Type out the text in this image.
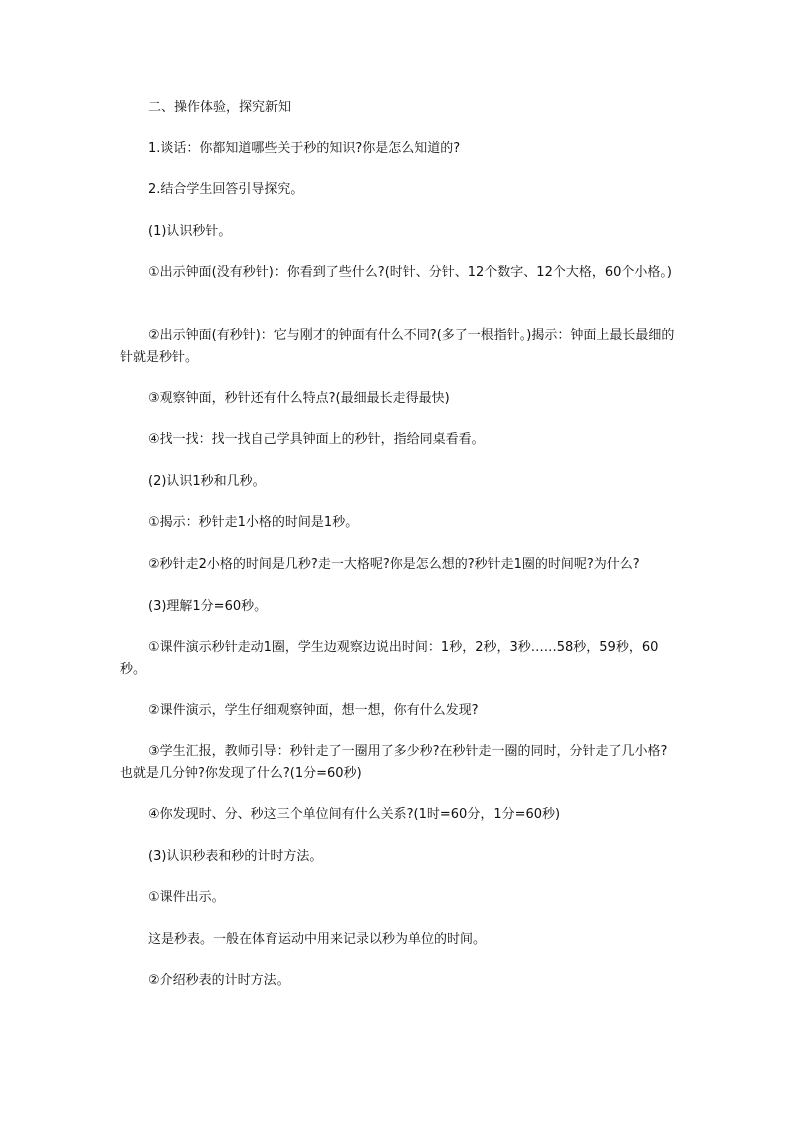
二、操作体验，探究新知

1.谈话：你都知道哪些关于秒的知识?你是怎么知道的?

2.结合学生回答引导探究。

(1)认识秒针。

①出示钟面(没有秒针)：你看到了些什么?(时针、分针、12个数字、12个大格，60个小格。)

②出示钟面(有秒针)：它与刚才的钟面有什么不同?(多了一根指针。)揭示：钟面上最长最细的针就是秒针。

③观察钟面，秒针还有什么特点?(最细最长走得最快)

④找一找：找一找自己学具钟面上的秒针，指给同桌看看。

(2)认识1秒和几秒。

①揭示：秒针走1小格的时间是1秒。

②秒针走2小格的时间是几秒?走一大格呢?你是怎么想的?秒针走1圈的时间呢?为什么?

(3)理解1分=60秒。

①课件演示秒针走动1圈，学生边观察边说出时间：1秒，2秒，3秒……58秒，59秒，60秒。

②课件演示，学生仔细观察钟面，想一想，你有什么发现?

③学生汇报，教师引导：秒针走了一圈用了多少秒?在秒针走一圈的同时，分针走了几小格?也就是几分钟?你发现了什么?(1分=60秒)

④你发现时、分、秒这三个单位间有什么关系?(1时=60分，1分=60秒)

(3)认识秒表和秒的计时方法。

①课件出示。

这是秒表。一般在体育运动中用来记录以秒为单位的时间。

②介绍秒表的计时方法。
